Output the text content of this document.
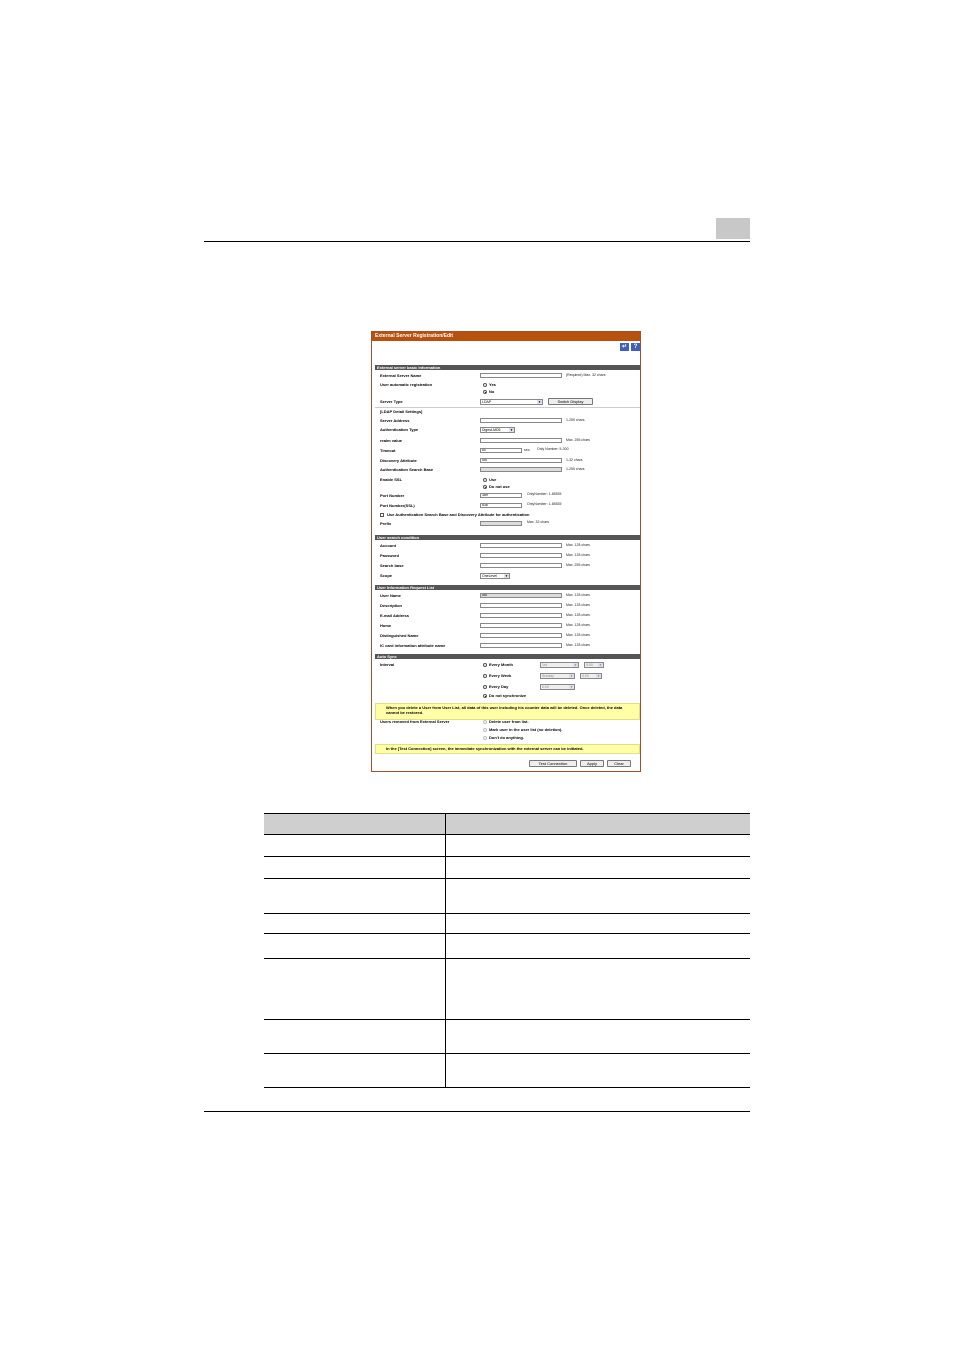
External Server Registration/Edit
↵	?
External server basic information
External Server Name	(Required) Max. 32 chars
User automatic registration	Yes
No
Server Type	LDAP	▼	Switch Display
[LDAP Detail Settings]
Server Address	1-255 chars
Authentication Type	Digest-MD5	▼
realm value	Max. 255 chars
Timeout	60	sec. Only Number: 5-300
Discovery Attribute	uid	1-32 chars
Authentication Search Base	1-255 chars
Enable SSL	Use
Do not use
Port Number	389	OnlyNumber: 1-65535
Port Number(SSL)	636	OnlyNumber: 1-65535
Use Authentication Search Base and Discovery Attribute for authentication
Prefix	Max. 32 chars
User search condition
Account	Max. 128 chars
Password	Max. 128 chars
Search base	Max. 255 chars
Scope	OneLevel	▼
User Information Request List
User Name	uid	Max. 128 chars
Description	Max. 128 chars
E-mail Address	Max. 128 chars
Home	Max. 128 chars
Distinguished Name	Max. 128 chars
IC card information attribute name	Max. 128 chars
Auto Sync
Interval	Every Month	1st	▼	0:00	▼
Every Week	Sunday	▼	0:00	▼
Every Day	0:00	▼
Do not synchronize
When you delete a User from User List, all data of this user including his counter data will be deleted. Once deleted, the data cannot be restored.
Users removed from External Server	Delete user from list.
Mark user in the user list (no deletion).
Don't do anything.
In the [Test Connection] screen, the immediate synchronization with the external server can be initiated.
Test Connection	Apply	Clear
